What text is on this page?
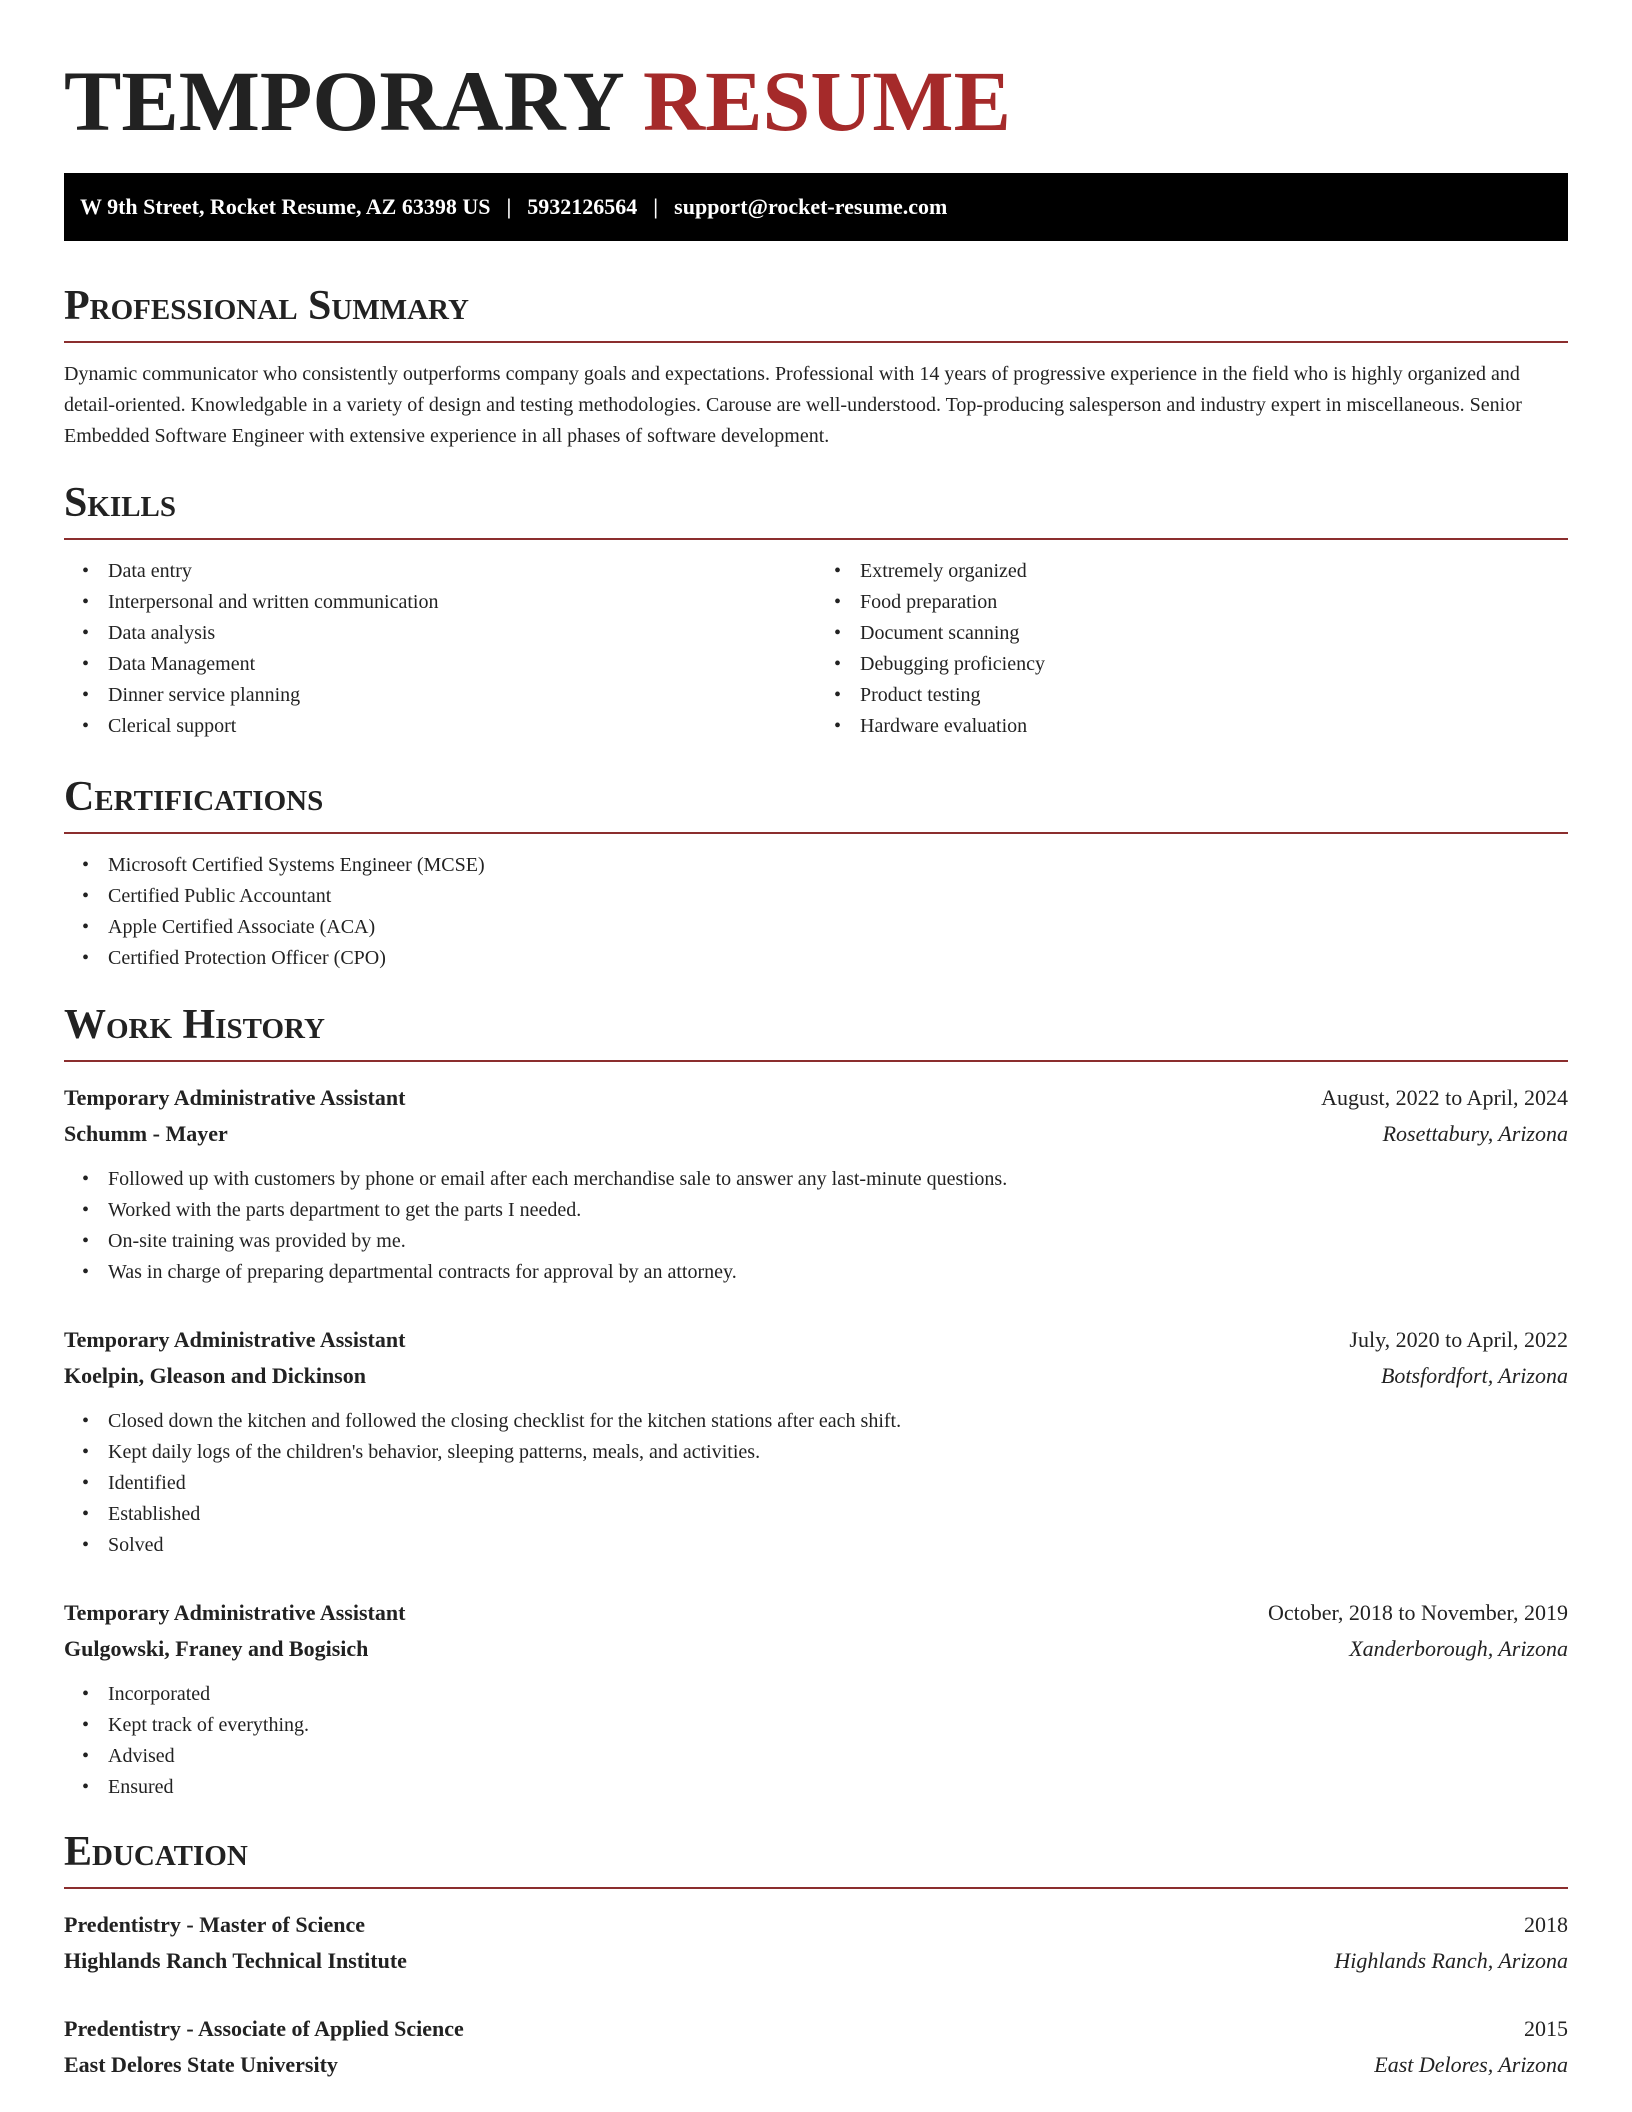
TEMPORARY RESUME
W 9th Street, Rocket Resume, AZ 63398 US | 5932126564 | support@rocket-resume.com
Professional Summary

Dynamic communicator who consistently outperforms company goals and expectations. Professional with 14 years of progressive experience in the field who is highly organized and detail-oriented. Knowledgable in a variety of design and testing methodologies. Carouse are well-understood. Top-producing salesperson and industry expert in miscellaneous. Senior Embedded Software Engineer with extensive experience in all phases of software development.

Skills
• Data entry
• Interpersonal and written communication
• Data analysis
• Data Management
• Dinner service planning
• Clerical support
• Extremely organized
• Food preparation
• Document scanning
• Debugging proficiency
• Product testing
• Hardware evaluation
Certifications
• Microsoft Certified Systems Engineer (MCSE)
• Certified Public Accountant
• Apple Certified Associate (ACA)
• Certified Protection Officer (CPO)
Work History
Temporary Administrative Assistant	August, 2022 to April, 2024
Schumm - Mayer	Rosettabury, Arizona
• Followed up with customers by phone or email after each merchandise sale to answer any last-minute questions.
• Worked with the parts department to get the parts I needed.
• On-site training was provided by me.
• Was in charge of preparing departmental contracts for approval by an attorney.
Temporary Administrative Assistant	July, 2020 to April, 2022
Koelpin, Gleason and Dickinson	Botsfordfort, Arizona
• Closed down the kitchen and followed the closing checklist for the kitchen stations after each shift.
• Kept daily logs of the children's behavior, sleeping patterns, meals, and activities.
• Identified
• Established
• Solved
Temporary Administrative Assistant	October, 2018 to November, 2019
Gulgowski, Franey and Bogisich	Xanderborough, Arizona
• Incorporated
• Kept track of everything.
• Advised
• Ensured
Education
Predentistry - Master of Science	2018
Highlands Ranch Technical Institute	Highlands Ranch, Arizona
Predentistry - Associate of Applied Science	2015
East Delores State University	East Delores, Arizona
